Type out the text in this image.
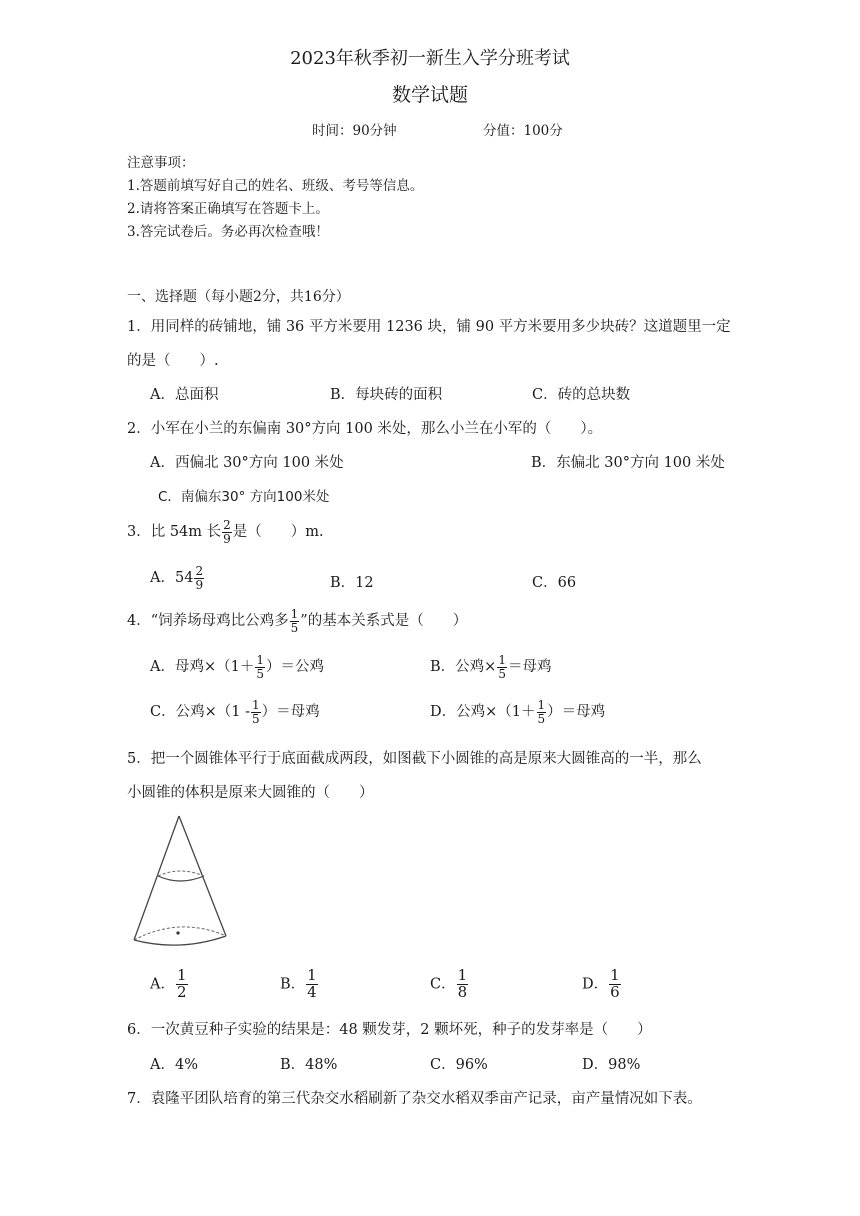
2023年秋季初一新生入学分班考试
数学试题
时间：90分钟	分值：100分
注意事项：
1.答题前填写好自己的姓名、班级、考号等信息。
2.请将答案正确填写在答题卡上。
3.答完试卷后。务必再次检查哦！
一、选择题（每小题2分，共16分）
1．用同样的砖铺地，铺 36 平方米要用 1236 块，铺 90 平方米要用多少块砖？这道题里一定
的是（　　）.
A．总面积	B．每块砖的面积	C．砖的总块数
2．小军在小兰的东偏南 30°方向 100 米处，那么小兰在小军的（　　）。
A．西偏北 30°方向 100 米处	B．东偏北 30°方向 100 米处
C．南偏东30° 方向100米处
3．比 54m 长 $\frac{2}{9}$ 是（　　）m.
A．$54 \frac{2}{9}$	B．12	C．66
4．“饲养场母鸡比公鸡多 $\frac{1}{5}$ ”的基本关系式是（　　）
A．母鸡$\times(1+ \frac{1}{5}$ ）＝公鸡	B．公鸡× $\frac{1}{5}$ ＝母鸡
C．公鸡$\times(1 - \frac{1}{5}$ ）＝母鸡	D．公鸡$\times(1+ \frac{1}{5}$ ）＝母鸡
5．把一个圆锥体平行于底面截成两段，如图截下小圆锥的高是原来大圆锥高的一半，那么
小圆锥的体积是原来大圆锥的（　　）
A． $\frac{1}{2}$	B． $\frac{1}{4}$	C． $\frac{1}{8}$	D． $\frac{1}{6}$
6．一次黄豆种子实验的结果是：48 颗发芽，2 颗坏死，种子的发芽率是（　　）
A．4%	B．48%	C．96%	D．98%
7．袁隆平团队培育的第三代杂交水稻刷新了杂交水稻双季亩产记录，亩产量情况如下表。
